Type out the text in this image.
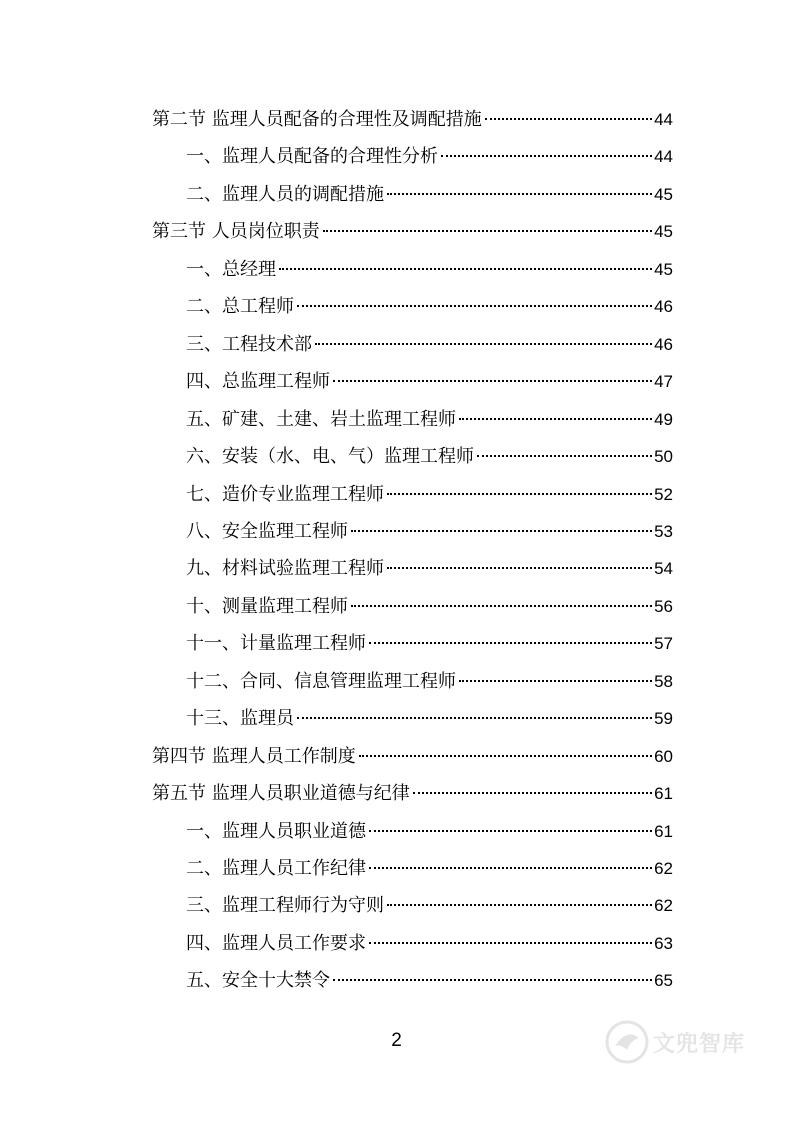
第二节 监理人员配备的合理性及调配措施	44
一、监理人员配备的合理性分析	44
二、监理人员的调配措施	45
第三节 人员岗位职责	45
一、总经理	45
二、总工程师	46
三、工程技术部	46
四、总监理工程师	47
五、矿建、土建、岩土监理工程师	49
六、安装（水、电、气）监理工程师	50
七、造价专业监理工程师	52
八、安全监理工程师	53
九、材料试验监理工程师	54
十、测量监理工程师	56
十一、计量监理工程师	57
十二、合同、信息管理监理工程师	58
十三、监理员	59
第四节 监理人员工作制度	60
第五节 监理人员职业道德与纪律	61
一、监理人员职业道德	61
二、监理人员工作纪律	62
三、监理工程师行为守则	62
四、监理人员工作要求	63
五、安全十大禁令	65
2	文兜智库
